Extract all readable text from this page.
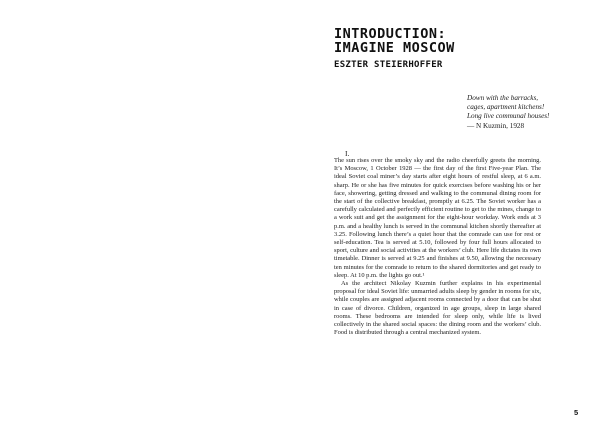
INTRODUCTION:
IMAGINE MOSCOW
ESZTER STEIERHOFFER
Down with the barracks,
cages, apartment kitchens!
Long live communal houses!
— N Kuzmin, 1928
I.

The sun rises over the smoky sky and the radio cheerfully greets the morning. It’s Moscow, 1 October 1928 — the first day of the first Five-year Plan. The ideal Soviet coal miner’s day starts after eight hours of restful sleep, at 6 a.m. sharp. He or she has five minutes for quick exercises before washing his or her face, showering, getting dressed and walking to the communal dining room for the start of the collective breakfast, promptly at 6.25. The Soviet worker has a carefully calculated and perfectly efficient routine to get to the mines, change to a work suit and get the assignment for the eight-hour workday. Work ends at 3 p.m. and a healthy lunch is served in the communal kitchen shortly thereafter at 3.25. Following lunch there’s a quiet hour that the comrade can use for rest or self-education. Tea is served at 5.10, followed by four full hours allocated to sport, culture and social activities at the workers’ club. Here life dictates its own timetable. Dinner is served at 9.25 and finishes at 9.50, allowing the necessary ten minutes for the comrade to return to the shared dormitories and get ready to sleep. At 10 p.m. the lights go out.¹

As the architect Nikolay Kuzmin further explains in his experimental proposal for ideal Soviet life: unmarried adults sleep by gender in rooms for six, while couples are assigned adjacent rooms connected by a door that can be shut in case of divorce. Children, organized in age groups, sleep in large shared rooms. These bedrooms are intended for sleep only, while life is lived collectively in the shared social spaces: the dining room and the workers’ club. Food is distributed through a central mechanized system.

5
